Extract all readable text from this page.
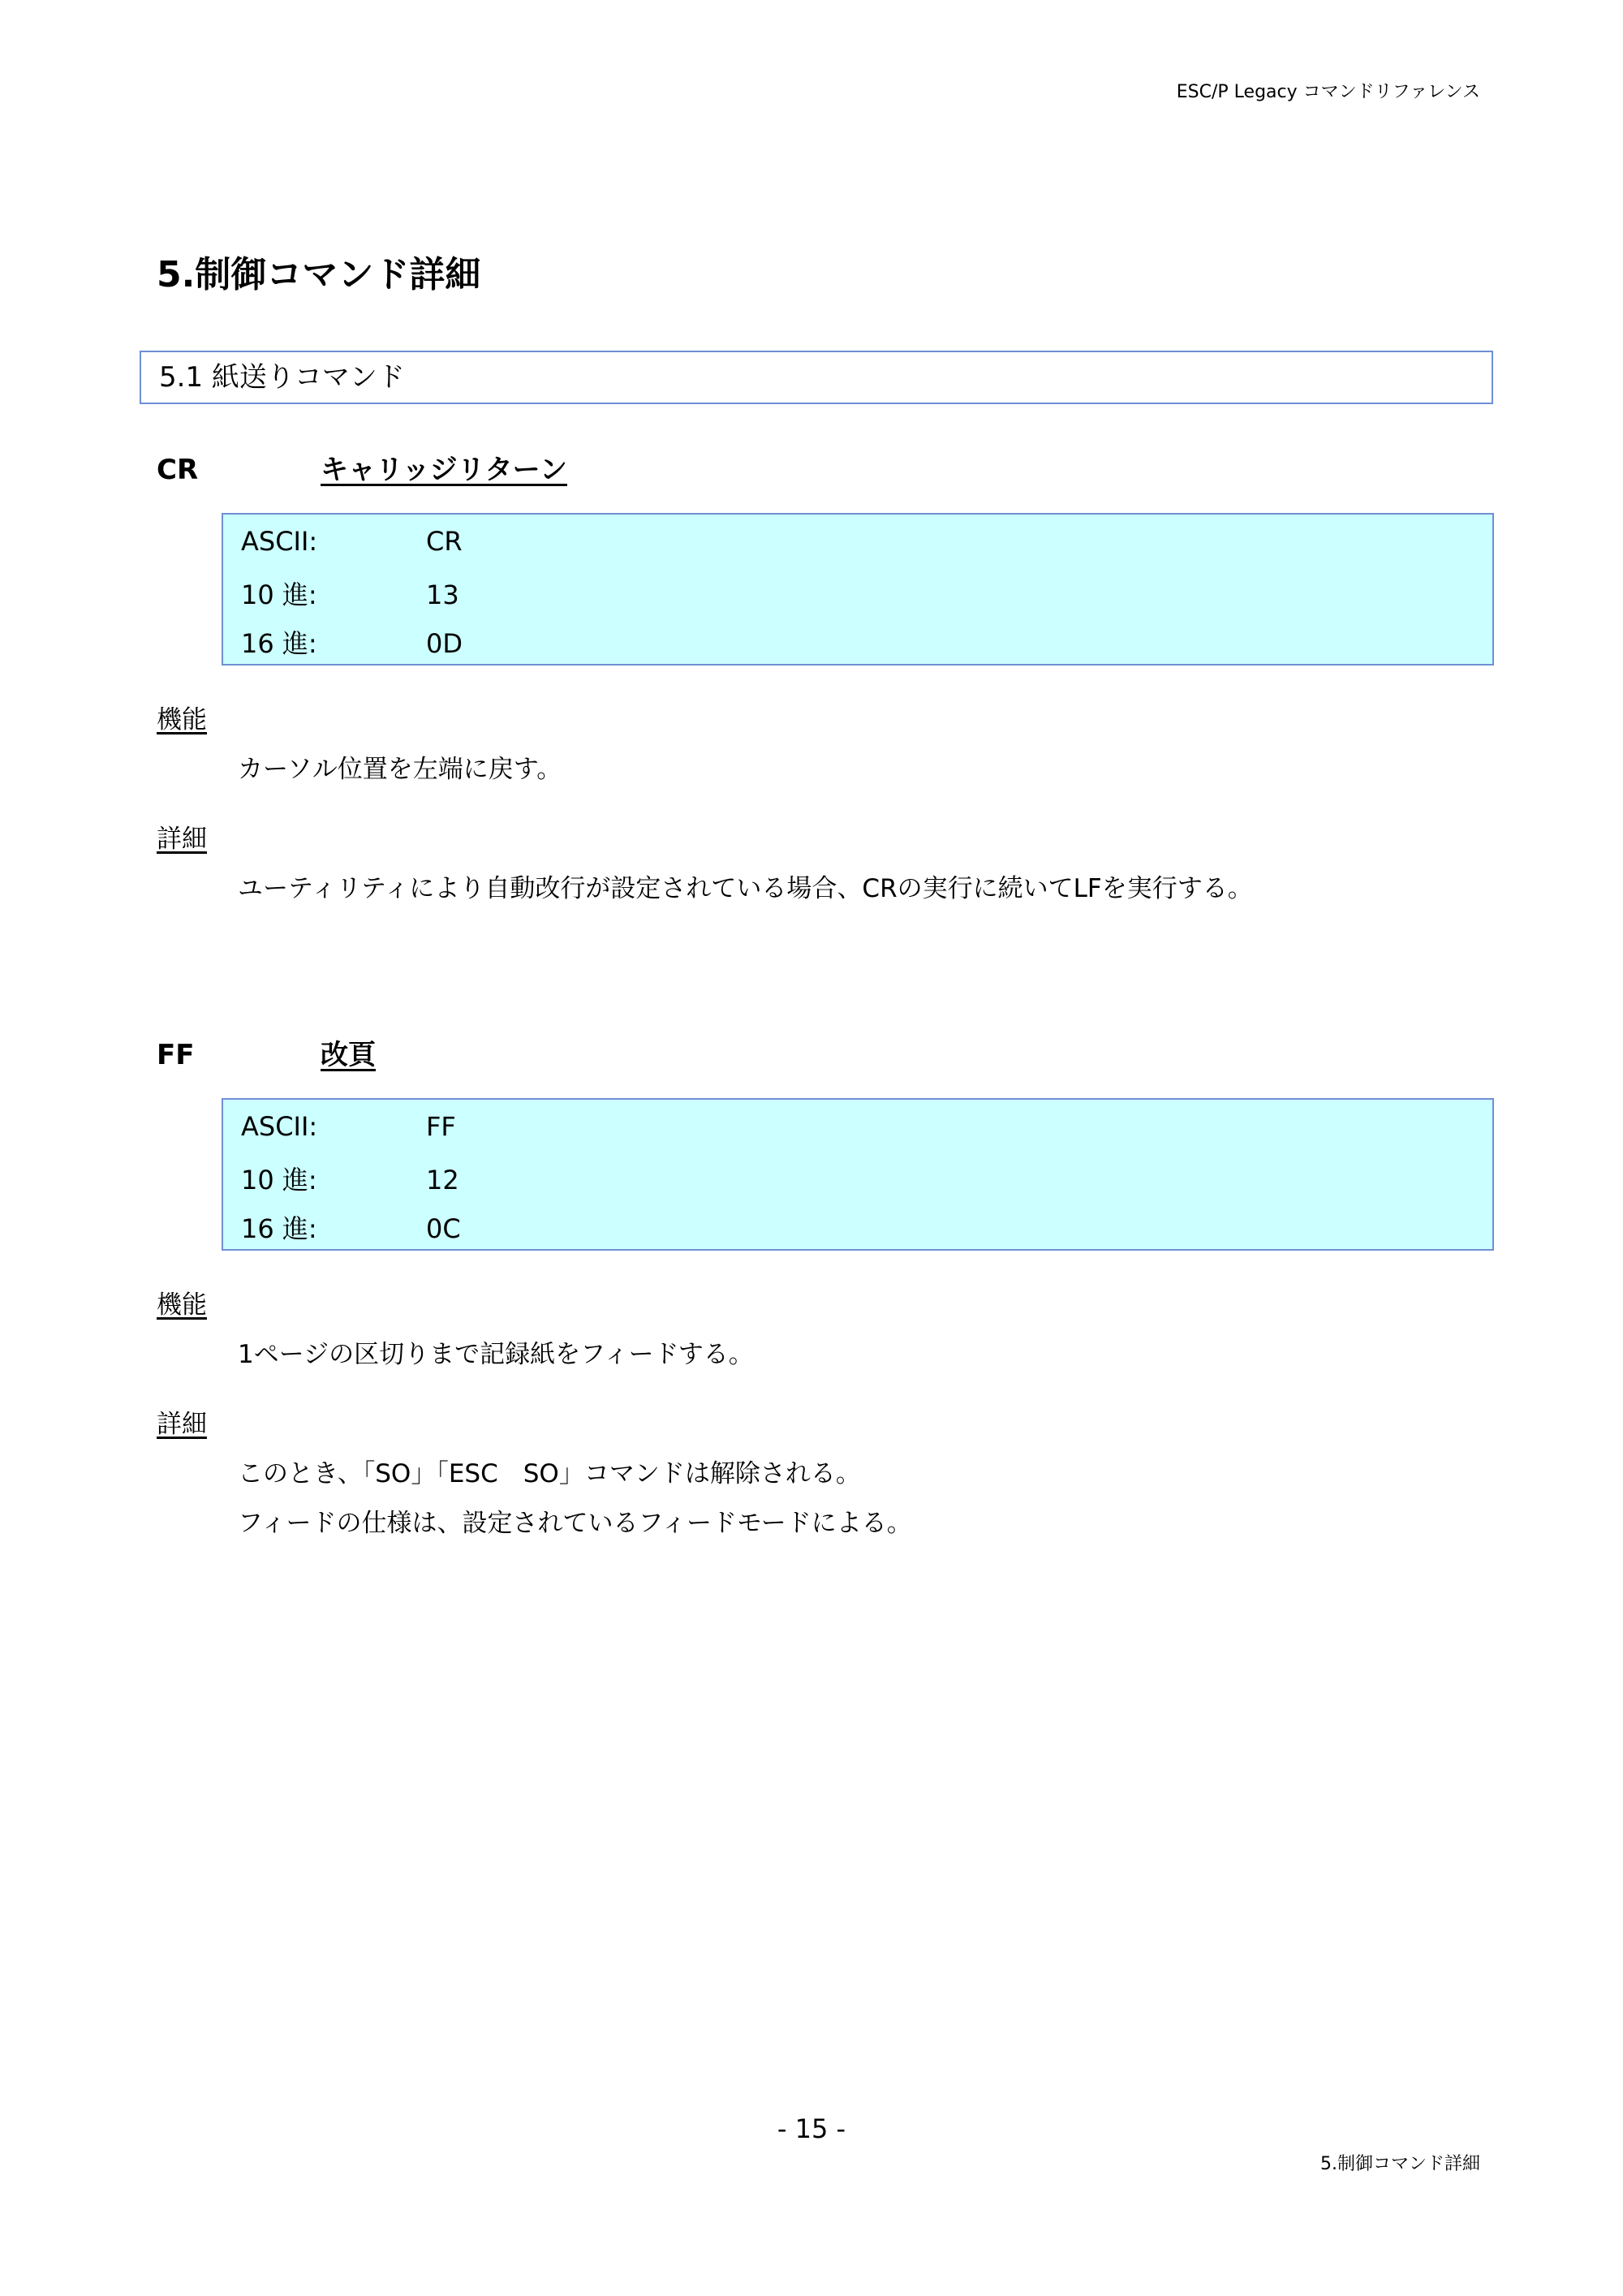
ESC/P Legacy コマンドリファレンス
5.制御コマンド詳細
5.1 紙送りコマンド
CR	キャリッジリターン
ASCII:	CR
10 進:	13
16 進:	0D
機能
カーソル位置を左端に戻す。
詳細
ユーティリティにより自動改行が設定されている場合、CRの実行に続いてLFを実行する。
FF	改頁
ASCII:	FF
10 進:	12
16 進:	0C
機能
1ページの区切りまで記録紙をフィードする。
詳細
このとき、「SO」「ESC　SO」コマンドは解除される。
フィードの仕様は、設定されているフィードモードによる。
- 15 -
5.制御コマンド詳細
